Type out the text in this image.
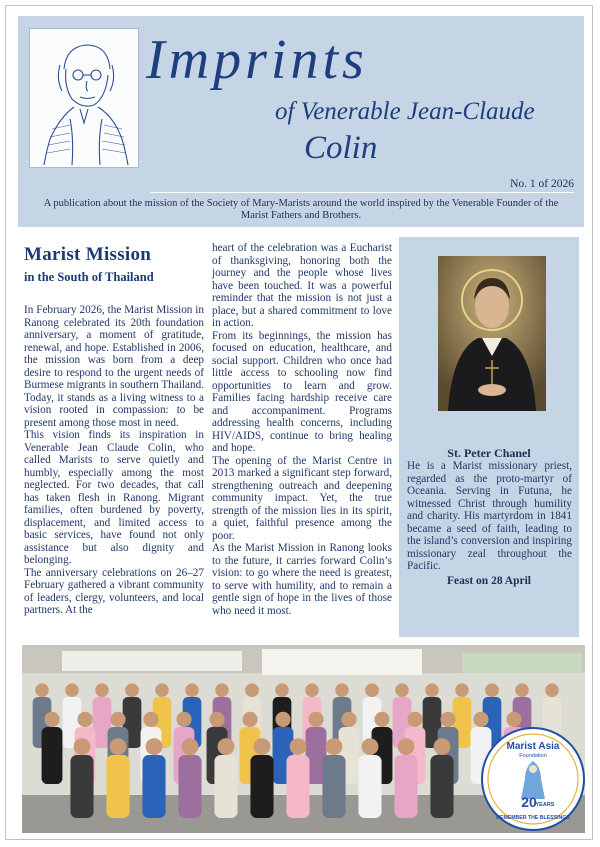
Imprints
of Venerable Jean-Claude
Colin
No. 1 of 2026
A publication about the mission of the Society of Mary-Marists around the world inspired by the Venerable Founder of the Marist Fathers and Brothers.
Marist Mission
in the South of Thailand

In February 2026, the Marist Mission in Ranong celebrated its 20th foundation anniversary, a moment of gratitude, renewal, and hope. Established in 2006, the mission was born from a deep desire to respond to the urgent needs of Burmese migrants in southern Thailand. Today, it stands as a living witness to a vision rooted in compassion: to be present among those most in need.

This vision finds its inspiration in Venerable Jean Claude Colin, who called Marists to serve quietly and humbly, especially among the most neglected. For two decades, that call has taken flesh in Ranong. Migrant families, often burdened by poverty, displacement, and limited access to basic services, have found not only assistance but also dignity and belonging.

The anniversary celebrations on 26–27 February gathered a vibrant community of leaders, clergy, volunteers, and local partners. At the

heart of the celebration was a Eucharist of thanksgiving, honoring both the journey and the people whose lives have been touched. It was a powerful reminder that the mission is not just a place, but a shared commitment to love in action.

From its beginnings, the mission has focused on education, healthcare, and social support. Children who once had little access to schooling now find opportunities to learn and grow. Families facing hardship receive care and accompaniment. Programs addressing health concerns, including HIV/AIDS, continue to bring healing and hope.

The opening of the Marist Centre in 2013 marked a significant step forward, strengthening outreach and deepening community impact. Yet, the true strength of the mission lies in its spirit, a quiet, faithful presence among the poor.

As the Marist Mission in Ranong looks to the future, it carries forward Colin’s vision: to go where the need is greatest, to serve with humility, and to remain a gentle sign of hope in the lives of those who need it most.

St. Peter Chanel
He is a Marist missionary priest, regarded as the proto-martyr of Oceania. Serving in Futuna, he witnessed Christ through humility and charity. His martyrdom in 1841 became a seed of faith, leading to the island’s conversion and inspiring missionary zeal throughout the Pacific.
Feast on 28 April
Marist Asia
Foundation
20
YEARS
REMEMBER THE BLESSINGS
